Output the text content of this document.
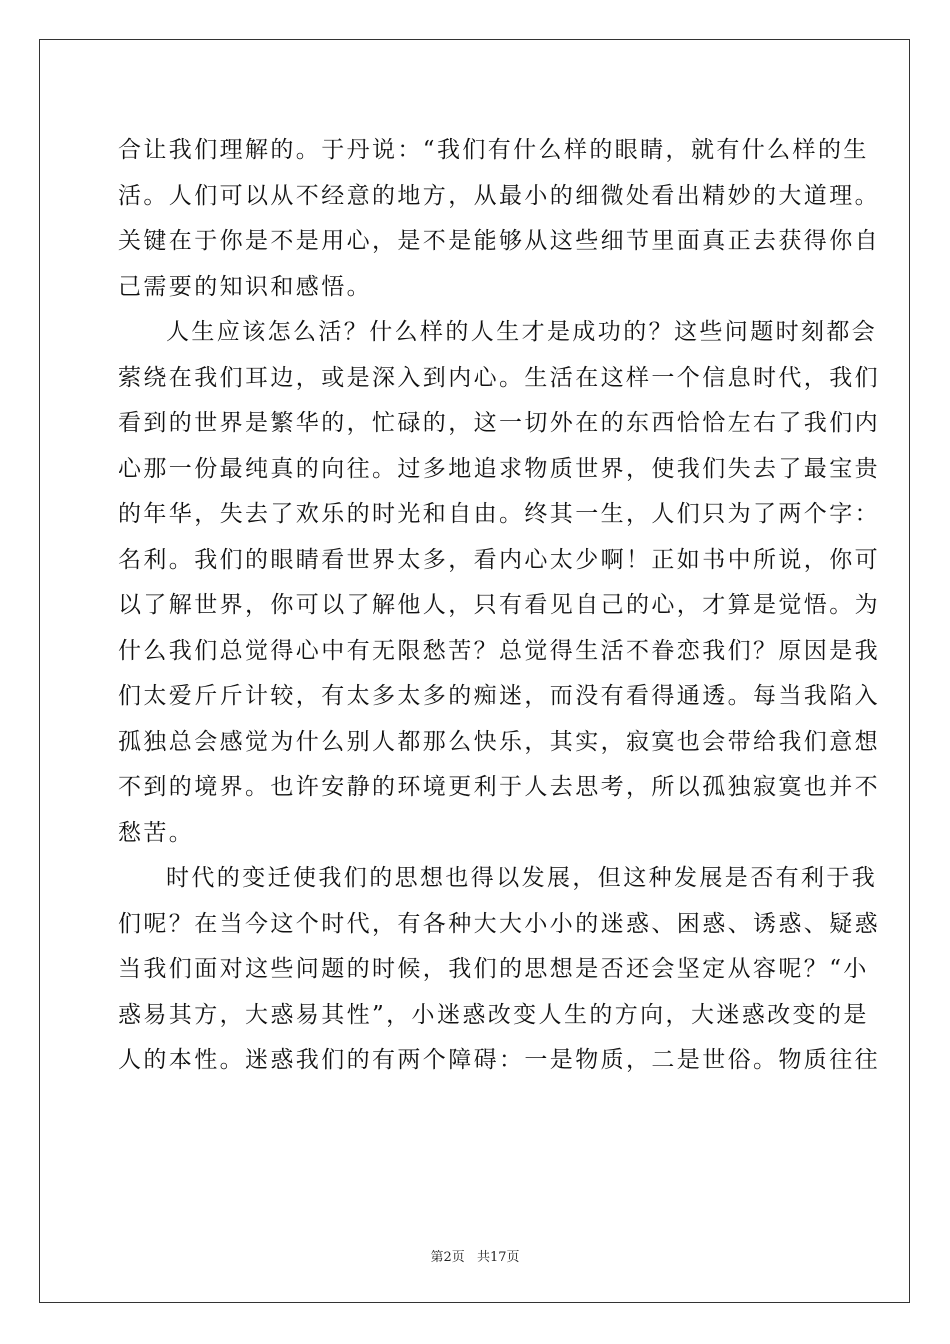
合让我们理解的。于丹说：“我们有什么样的眼睛，就有什么样的生
活。人们可以从不经意的地方，从最小的细微处看出精妙的大道理。
关键在于你是不是用心，是不是能够从这些细节里面真正去获得你自
己需要的知识和感悟。
人生应该怎么活？什么样的人生才是成功的？这些问题时刻都会
萦绕在我们耳边，或是深入到内心。生活在这样一个信息时代，我们
看到的世界是繁华的，忙碌的，这一切外在的东西恰恰左右了我们内
心那一份最纯真的向往。过多地追求物质世界，使我们失去了最宝贵
的年华，失去了欢乐的时光和自由。终其一生，人们只为了两个字：
名利。我们的眼睛看世界太多，看内心太少啊！正如书中所说，你可
以了解世界，你可以了解他人，只有看见自己的心，才算是觉悟。为
什么我们总觉得心中有无限愁苦？总觉得生活不眷恋我们？原因是我
们太爱斤斤计较，有太多太多的痴迷，而没有看得通透。每当我陷入
孤独总会感觉为什么别人都那么快乐，其实，寂寞也会带给我们意想
不到的境界。也许安静的环境更利于人去思考，所以孤独寂寞也并不
愁苦。
时代的变迁使我们的思想也得以发展，但这种发展是否有利于我
们呢？在当今这个时代，有各种大大小小的迷惑、困惑、诱惑、疑惑
当我们面对这些问题的时候，我们的思想是否还会坚定从容呢？“小
惑易其方，大惑易其性”，小迷惑改变人生的方向，大迷惑改变的是
人的本性。迷惑我们的有两个障碍：一是物质，二是世俗。物质往往
第2页 共17页
